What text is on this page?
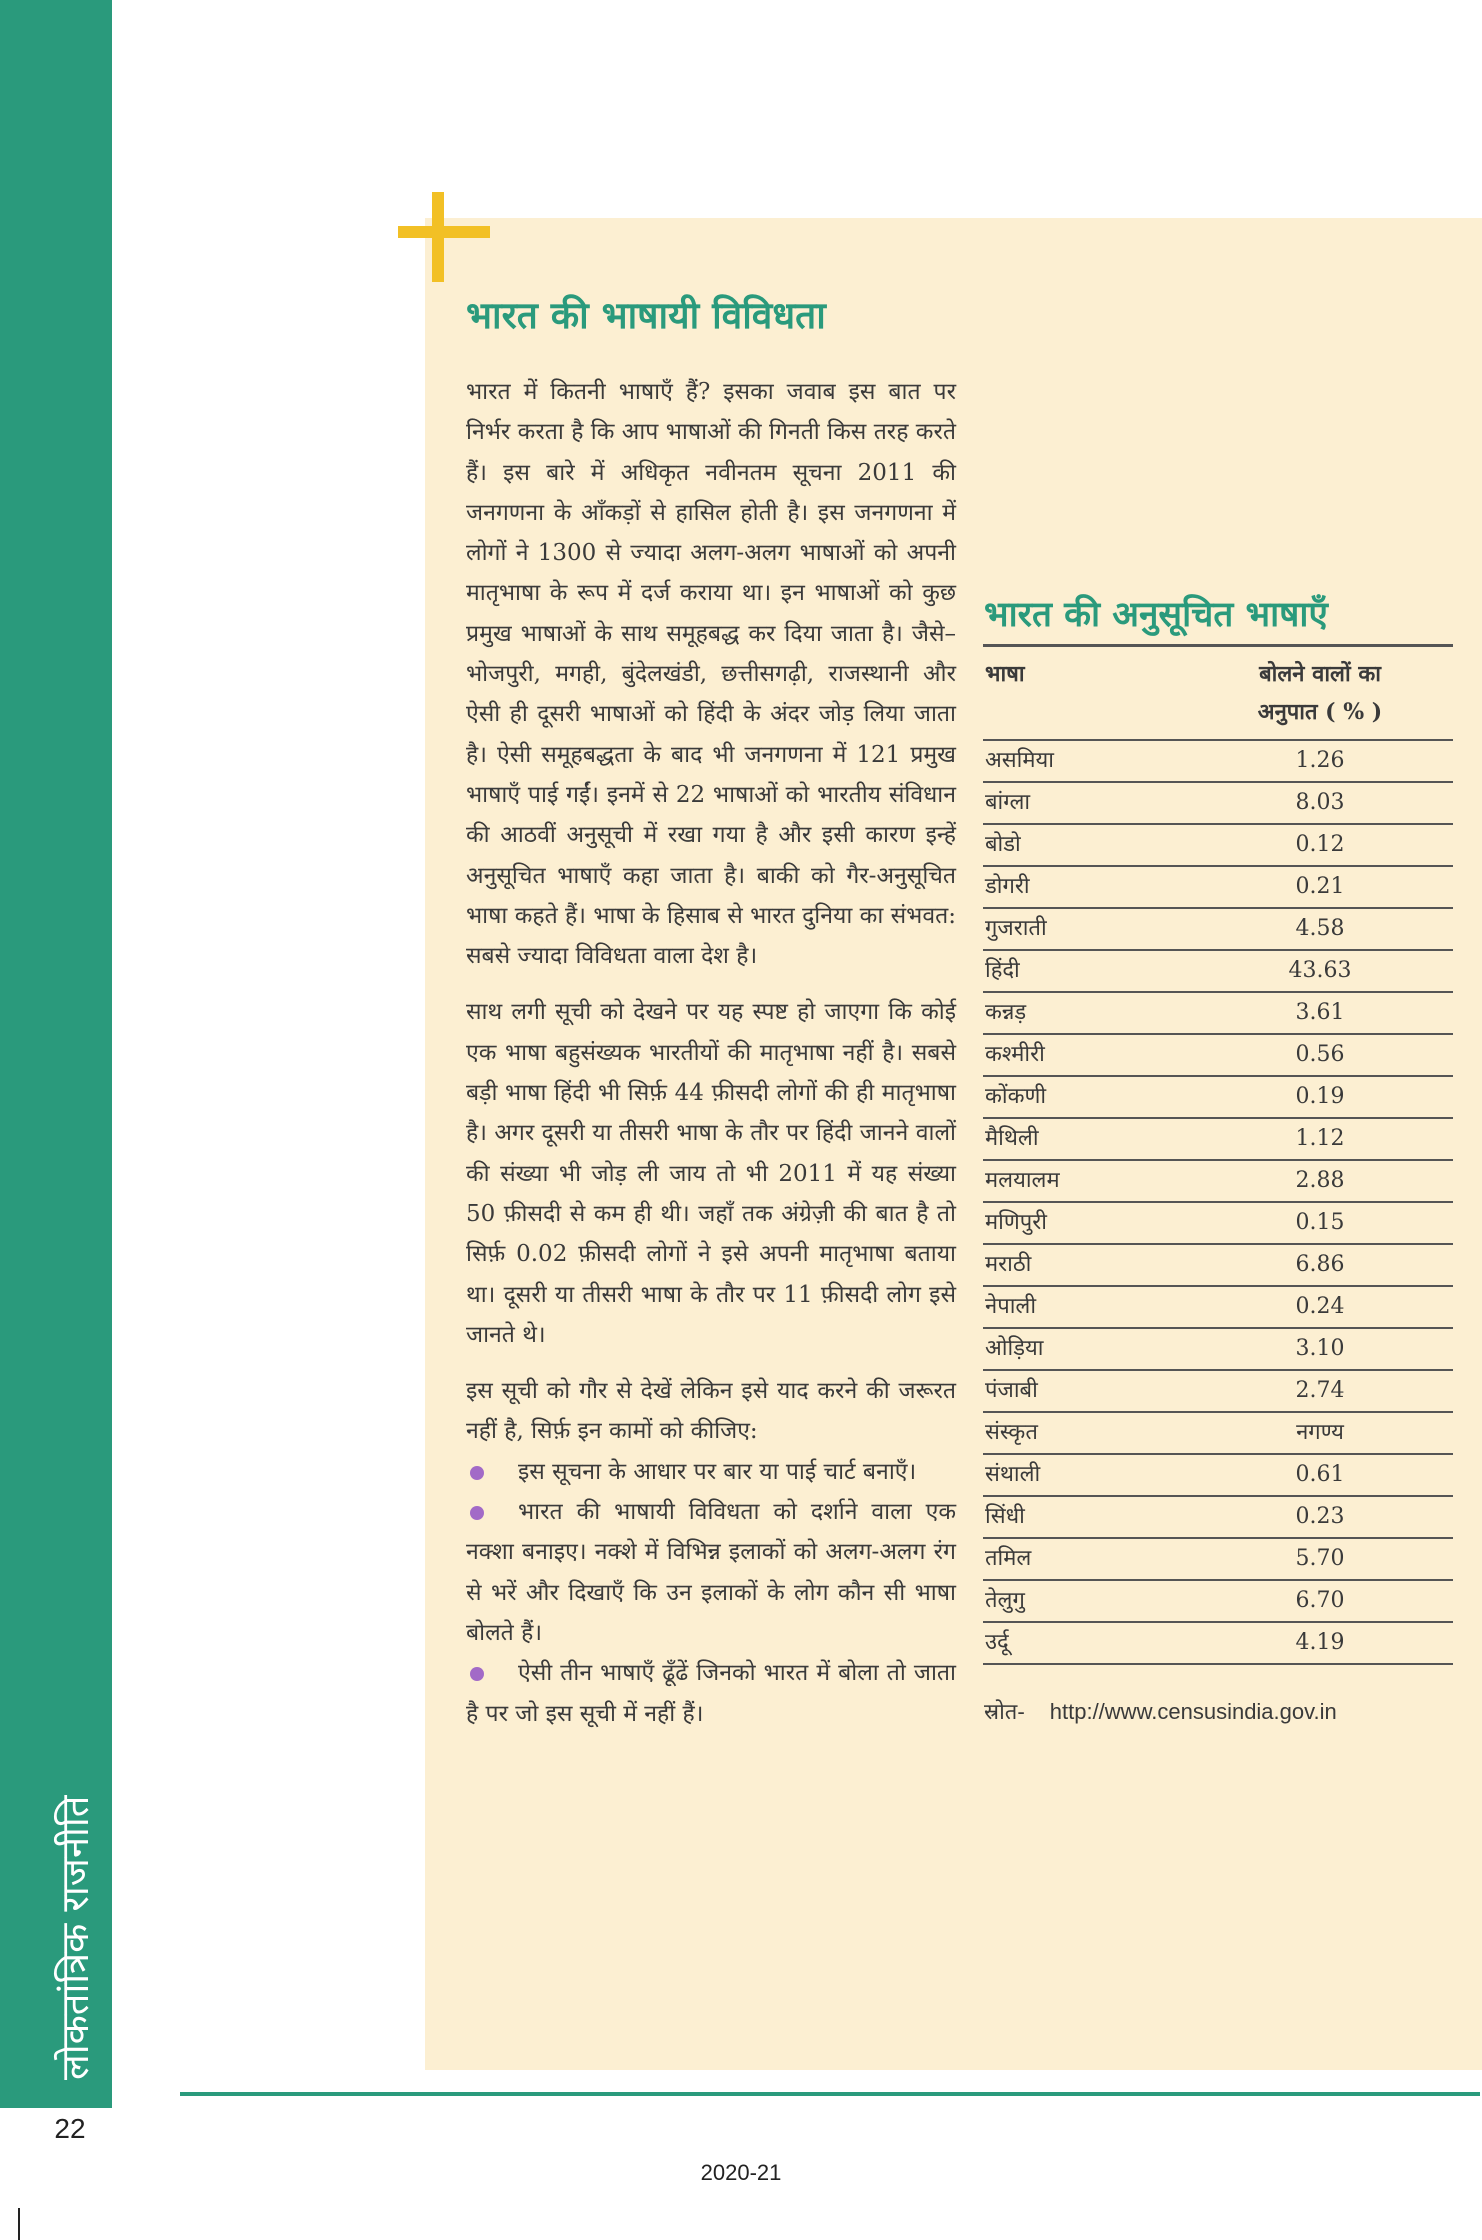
लोकतांत्रिक राजनीति
22
भारत की भाषायी विविधता

भारत में कितनी भाषाएँ हैं? इसका जवाब इस बात पर निर्भर करता है कि आप भाषाओं की गिनती किस तरह करते हैं। इस बारे में अधिकृत नवीनतम सूचना 2011 की जनगणना के आँकड़ों से हासिल होती है। इस जनगणना में लोगों ने 1300 से ज्यादा अलग-अलग भाषाओं को अपनी मातृभाषा के रूप में दर्ज कराया था। इन भाषाओं को कुछ प्रमुख भाषाओं के साथ समूहबद्ध कर दिया जाता है। जैसे–भोजपुरी, मगही, बुंदेलखंडी, छत्तीसगढ़ी, राजस्थानी और ऐसी ही दूसरी भाषाओं को हिंदी के अंदर जोड़ लिया जाता है। ऐसी समूहबद्धता के बाद भी जनगणना में 121 प्रमुख भाषाएँ पाई गईं। इनमें से 22 भाषाओं को भारतीय संविधान की आठवीं अनुसूची में रखा गया है और इसी कारण इन्हें अनुसूचित भाषाएँ कहा जाता है। बाकी को गैर-अनुसूचित भाषा कहते हैं। भाषा के हिसाब से भारत दुनिया का संभवत: सबसे ज्यादा विविधता वाला देश है।

साथ लगी सूची को देखने पर यह स्पष्ट हो जाएगा कि कोई एक भाषा बहुसंख्यक भारतीयों की मातृभाषा नहीं है। सबसे बड़ी भाषा हिंदी भी सिर्फ़ 44 फ़ीसदी लोगों की ही मातृभाषा है। अगर दूसरी या तीसरी भाषा के तौर पर हिंदी जानने वालों की संख्या भी जोड़ ली जाय तो भी 2011 में यह संख्या 50 फ़ीसदी से कम ही थी। जहाँ तक अंग्रेज़ी की बात है तो सिर्फ़ 0.02 फ़ीसदी लोगों ने इसे अपनी मातृभाषा बताया था। दूसरी या तीसरी भाषा के तौर पर 11 फ़ीसदी लोग इसे जानते थे।

इस सूची को गौर से देखें लेकिन इसे याद करने की जरूरत नहीं है, सिर्फ़ इन कामों को कीजिए:

इस सूचना के आधार पर बार या पाई चार्ट बनाएँ।
भारत की भाषायी विविधता को दर्शाने वाला एक नक्शा बनाइए। नक्शे में विभिन्न इलाकों को अलग-अलग रंग से भरें और दिखाएँ कि उन इलाकों के लोग कौन सी भाषा बोलते हैं।
ऐसी तीन भाषाएँ ढूँढें जिनको भारत में बोला तो जाता है पर जो इस सूची में नहीं हैं।
भारत की अनुसूचित भाषाएँ
भाषा	बोलने वालों का
अनुपात ( % )

असमिया	1.26
बांग्ला	8.03
बोडो	0.12
डोगरी	0.21
गुजराती	4.58
हिंदी	43.63
कन्नड़	3.61
कश्मीरी	0.56
कोंकणी	0.19
मैथिली	1.12
मलयालम	2.88
मणिपुरी	0.15
मराठी	6.86
नेपाली	0.24
ओड़िया	3.10
पंजाबी	2.74
संस्कृत	नगण्य
संथाली	0.61
सिंधी	0.23
तमिल	5.70
तेलुगु	6.70
उर्दू	4.19
स्रोत- http://www.censusindia.gov.in
2020-21
